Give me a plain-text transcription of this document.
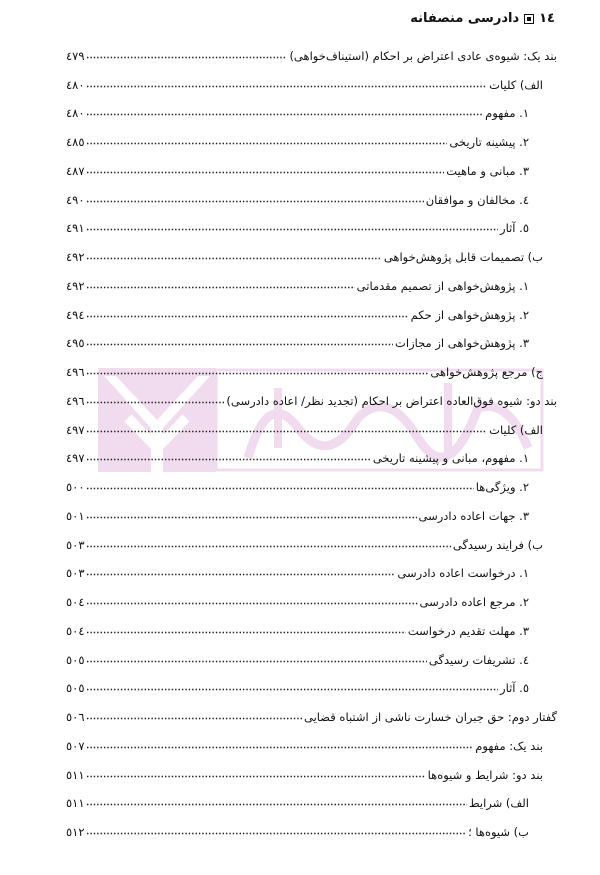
١٤
دادرسی منصفانه
بند یک: شیوه‌ی عادی اعتراض بر احکام (استیناف‌خواهی)
٤٧٩
الف) کلیات
٤٨٠
١. مفهوم
٤٨٠
٢. پیشینه تاریخی
٤٨٥
٣. مبانی و ماهیت
٤٨٧
٤. مخالفان و موافقان
٤٩٠
٥. آثار
٤٩١
ب) تصمیمات قابل پژوهش‌خواهی
٤٩٢
١. پژوهش‌خواهی از تصمیم مقدماتی
٤٩٢
٢. پژوهش‌خواهی از حکم
٤٩٤
٣. پژوهش‌خواهی از مجازات
٤٩٥
ج) مرجع پژوهش‌خواهی
٤٩٦
بند دو: شیوه فوق‌العاده اعتراض بر احکام (تجدید نظر/ اعاده دادرسی)
٤٩٦
الف) کلیات
٤٩٧
١. مفهوم، مبانی و پیشینه تاریخی
٤٩٧
٢. ویژگی‌ها
٥٠٠
٣. جهات اعاده دادرسی
٥٠١
ب) فرایند رسیدگی
٥٠٣
١. درخواست اعاده دادرسی
٥٠٣
٢. مرجع اعاده دادرسی
٥٠٤
٣. مهلت تقدیم درخواست
٥٠٤
٤. تشریفات رسیدگی
٥٠٥
٥. آثار
٥٠٥
گفتار دوم: حق جبران خسارت ناشی از اشتباه قضایی
٥٠٦
بند یک: مفهوم
٥٠٧
بند دو: شرایط و شیوه‌ها
٥١١
الف) شرایط
٥١١
ب) شیوه‌ها ؛
٥١٢
